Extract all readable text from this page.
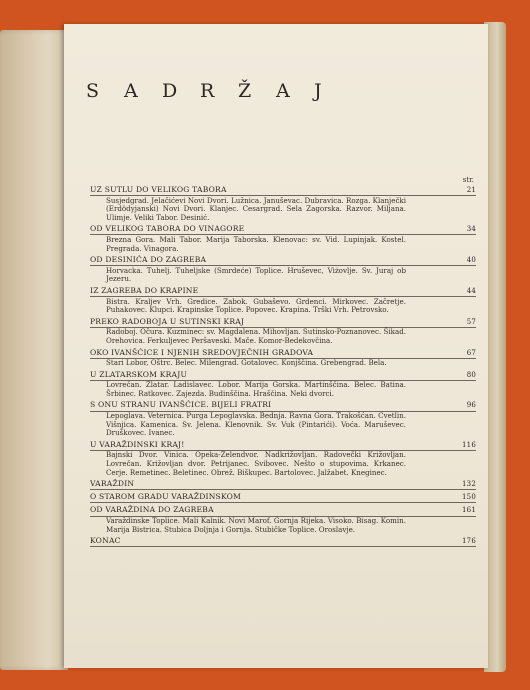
S A D R Ž A J
str.
UZ SUTLU DO VELIKOG TABORA	21
Susjedgrad. Jelačićevi Novi Dvori. Lužnica. Januševac. Dubravica. Rozga. Klanječki (Erdödyjanski) Novi Dvori. Klanjec. Cesargrad. Sela Zagorska. Razvor. Miljana. Ulimje. Veliki Tabor. Desinić.
OD VELIKOG TABORA DO VINAGORE	34
Brezna Gora. Mali Tabor. Marija Taborska. Klenovac: sv. Vid. Lupinjak. Kostel. Pregrada. Vinagora.
OD DESINIĆA DO ZAGREBA	40
Horvacka. Tuhelj. Tuheljske (Smrdeće) Toplice. Hruševec, Viżovlje. Sv. Juraj ob Jezeru.
IZ ZAGREBA DO KRAPINE	44
Bistra. Kraljev Vrh. Gredice. Zabok. Gubaševo. Grdenci. Mirkovec. Začretje. Puhakovec. Klupci. Krapinske Toplice. Popovec. Krapina. Trški Vrh. Petrovsko.
PREKO RADOBOJA U SUTINSKI KRAJ	57
Radoboj. Očura. Kuzminec: sv. Magdalena. Mihovljan. Sutinsko-Poznanovec. Šikad. Orehovica. Ferkuljevec Peršaveski. Mače. Komor-Bedekovčina.
OKO IVANŠĆICE I NJENIH SREDOVJEČNIH GRADOVA	67
Stari Lobor, Oštrc. Belec. Milengrad. Gotalovec. Konjščina. Grebengrad. Bela.
U ZLATARSKOM KRAJU	80
Lovrečan. Zlatar. Ladislavec. Lobor. Marija Gorska. Martinščina. Belec. Batina. Šrbinec. Ratkovec. Zajezda. Budinščina. Hraščina. Neki dvorci.
S ONU STRANU IVANŠĆICE. BIJELI FRATRI	96
Lepoglava. Veternica. Purga Lepoglavska. Bednja. Ravna Gora. Trakošćan. Cvetlin. Višnjica. Kamenica. Sv. Jelena. Klenovnik. Sv. Vuk (Pintarići). Voća. Maruševec. Druškovec. Ivanec.
U VARAŽDINSKI KRAJ!	116
Bajnski Dvor. Vinica. Opeka-Zelendvor. Nadkrižovljan. Radovečki Križovljan. Lovrečan. Križovljan dvor. Petrijanec. Svibovec. Nešto o stupovima. Krkanec. Cerje. Remetinec. Beletinec. Obrež. Biškupec. Bartolovec. Jalžabet. Kneginec.
VARAŽDIN	132
O STAROM GRADU VARAŽDINSKOM	150
OD VARAŽDINA DO ZAGREBA	161
Varaždinske Toplice. Mali Kalnik. Novi Marof. Gornja Rijeka. Visoko. Bisag. Komin. Marija Bistrica. Stubica Doljnja i Gornja. Stubičke Toplice. Oroslavje.
KONAC	176
